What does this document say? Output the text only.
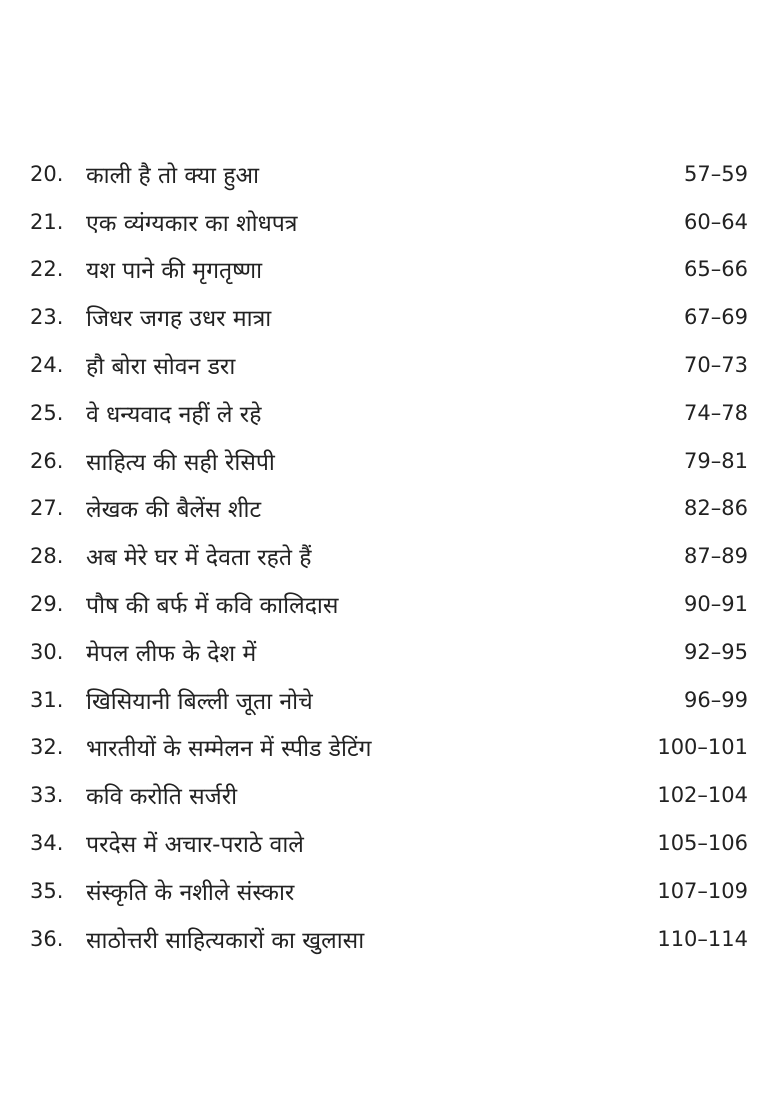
20. काली है तो क्या हुआ	57–59
21. एक व्यंग्यकार का शोधपत्र	60–64
22. यश पाने की मृगतृष्णा	65–66
23. जिधर जगह उधर मात्रा	67–69
24. हौ बोरा सोवन डरा	70–73
25. वे धन्यवाद नहीं ले रहे	74–78
26. साहित्य की सही रेसिपी	79–81
27. लेखक की बैलेंस शीट	82–86
28. अब मेरे घर में देवता रहते हैं	87–89
29. पौष की बर्फ में कवि कालिदास	90–91
30. मेपल लीफ के देश में	92–95
31. खिसियानी बिल्ली जूता नोचे	96–99
32. भारतीयों के सम्मेलन में स्पीड डेटिंग	100–101
33. कवि करोति सर्जरी	102–104
34. परदेस में अचार-पराठे वाले	105–106
35. संस्कृति के नशीले संस्कार	107–109
36. साठोत्तरी साहित्यकारों का खुलासा	110–114
